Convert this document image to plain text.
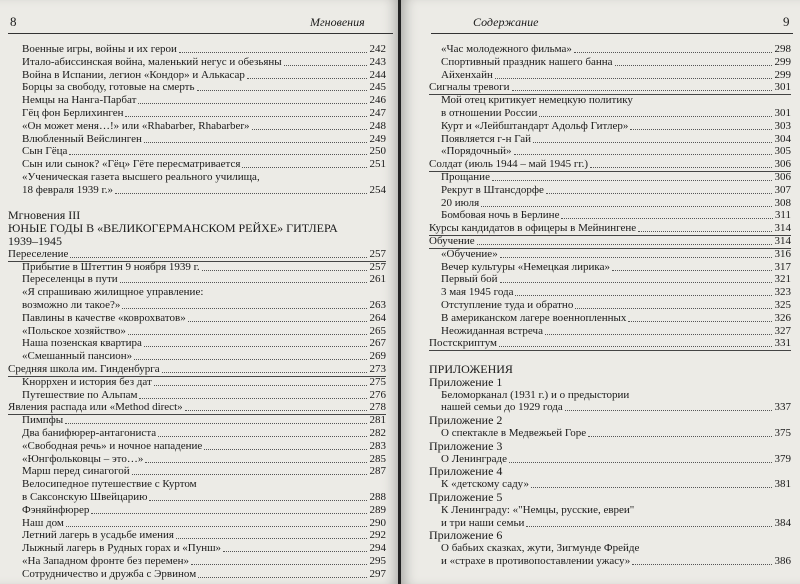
8	Мгновения
Военные игры, войны и их герои	242
Итало-абиссинская война, маленький негус и обезьяны	243
Война в Испании, легион «Кондор» и Алькасар	244
Борцы за свободу, готовые на смерть	245
Немцы на Нанга-Парбат	246
Гёц фон Берлихинген	247
«Он может меня…!» или «Rhabarber, Rhabarber»	248
Влюбленный Вейслинген	249
Сын Гёца	250
Сын или сынок? «Гёц» Гёте пересматривается	251
«Ученическая газета высшего реального училища,
18 февраля 1939 г.»	254
Мгновения III
ЮНЫЕ ГОДЫ В «ВЕЛИКОГЕРМАНСКОМ РЕЙХЕ» ГИТЛЕРА
1939–1945
Переселение	257
Прибытие в Штеттин 9 ноября 1939 г.	257
Переселенцы в пути	261
«Я спрашиваю жилищное управление:
возможно ли такое?»	263
Павлины в качестве «коврохватов»	264
«Польское хозяйство»	265
Наша позенская квартира	267
«Смешанный пансион»	269
Средняя школа им. Гинденбурга	273
Кноррхен и история без дат	275
Путешествие по Альпам	276
Явления распада или «Method direct»	278
Пимпфы	281
Два банифюрер-антагониста	282
«Свободная речь» и ночное нападение	283
«Юнгфольковцы – это…»	285
Марш перед синагогой	287
Велосипедное путешествие с Куртом
в Саксонскую Швейцарию	288
Фэняйнфюрер	289
Наш дом	290
Летний лагерь в усадьбе имения	292
Лыжный лагерь в Рудных горах и «Пунш»	294
«На Западном фронте без перемен»	295
Сотрудничество и дружба с Эрвином	297
Содержание	9
«Час молодежного фильма»	298
Спортивный праздник нашего банна	299
Айхенхайн	299
Сигналы тревоги	301
Мой отец критикует немецкую политику
в отношении России	301
Курт и «Лейбштандарт Адольф Гитлер»	303
Появляется г-н Гай	304
«Порядочный»	305
Солдат (июль 1944 – май 1945 гг.)	306
Прощание	306
Рекрут в Штансдорфе	307
20 июля	308
Бомбовая ночь в Берлине	311
Курсы кандидатов в офицеры в Мейнингене	314
Обучение	314
«Обучение»	316
Вечер культуры «Немецкая лирика»	317
Первый бой	321
3 мая 1945 года	323
Отступление туда и обратно	325
В американском лагере военнопленных	326
Неожиданная встреча	327
Постскриптум	331
ПРИЛОЖЕНИЯ
Приложение 1
Беломорканал (1931 г.) и о предыстории
нашей семьи до 1929 года	337
Приложение 2
О спектакле в Медвежьей Горе	375
Приложение 3
О Ленинграде	379
Приложение 4
К «детскому саду»	381
Приложение 5
К Ленинграду: «"Немцы, русские, евреи"
и три наши семьи	384
Приложение 6
О бабьих сказках, жути, Зигмунде Фрейде
и «страхе в противопоставлении ужасу»	386
